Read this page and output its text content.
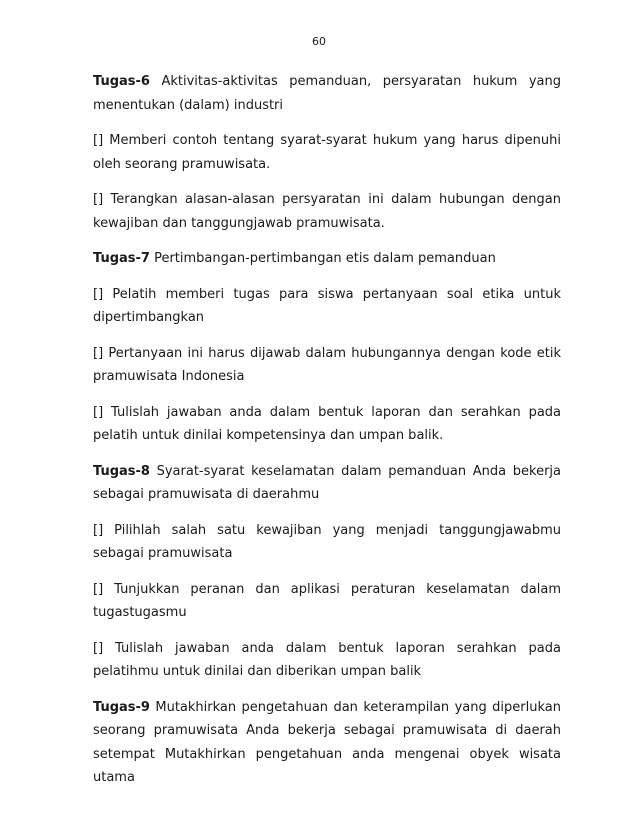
60

Tugas-6 Aktivitas-aktivitas pemanduan, persyaratan hukum yang menentukan (dalam) industri

[] Memberi contoh tentang syarat-syarat hukum yang harus dipenuhi oleh seorang pramuwisata.

[] Terangkan alasan-alasan persyaratan ini dalam hubungan dengan kewajiban dan tanggungjawab pramuwisata.

Tugas-7 Pertimbangan-pertimbangan etis dalam pemanduan

[] Pelatih memberi tugas para siswa pertanyaan soal etika untuk dipertimbangkan

[] Pertanyaan ini harus dijawab dalam hubungannya dengan kode etik pramuwisata Indonesia

[] Tulislah jawaban anda dalam bentuk laporan dan serahkan pada pelatih untuk dinilai kompetensinya dan umpan balik.

Tugas-8 Syarat-syarat keselamatan dalam pemanduan Anda bekerja sebagai pramuwisata di daerahmu

[] Pilihlah salah satu kewajiban yang menjadi tanggungjawabmu sebagai pramuwisata

[] Tunjukkan peranan dan aplikasi peraturan keselamatan dalam tugastugasmu

[] Tulislah jawaban anda dalam bentuk laporan serahkan pada pelatihmu untuk dinilai dan diberikan umpan balik

Tugas-9 Mutakhirkan pengetahuan dan keterampilan yang diperlukan seorang pramuwisata Anda bekerja sebagai pramuwisata di daerah setempat Mutakhirkan pengetahuan anda mengenai obyek wisata utama
